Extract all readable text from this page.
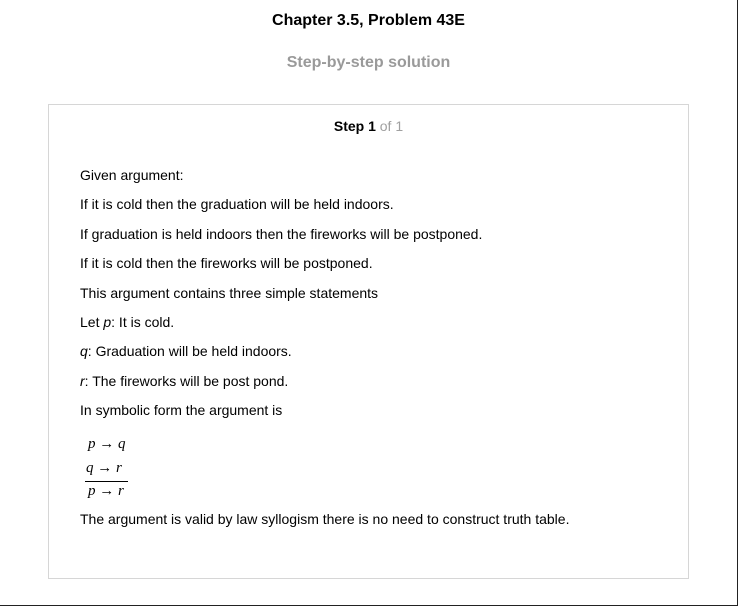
Chapter 3.5, Problem 43E
Step-by-step solution
Step 1 of 1
Given argument:
If it is cold then the graduation will be held indoors.
If graduation is held indoors then the fireworks will be postponed.
If it is cold then the fireworks will be postponed.
This argument contains three simple statements
Let p: It is cold.
q: Graduation will be held indoors.
r: The fireworks will be post pond.
In symbolic form the argument is
p → q
q → r
p → r
The argument is valid by law syllogism there is no need to construct truth table.
